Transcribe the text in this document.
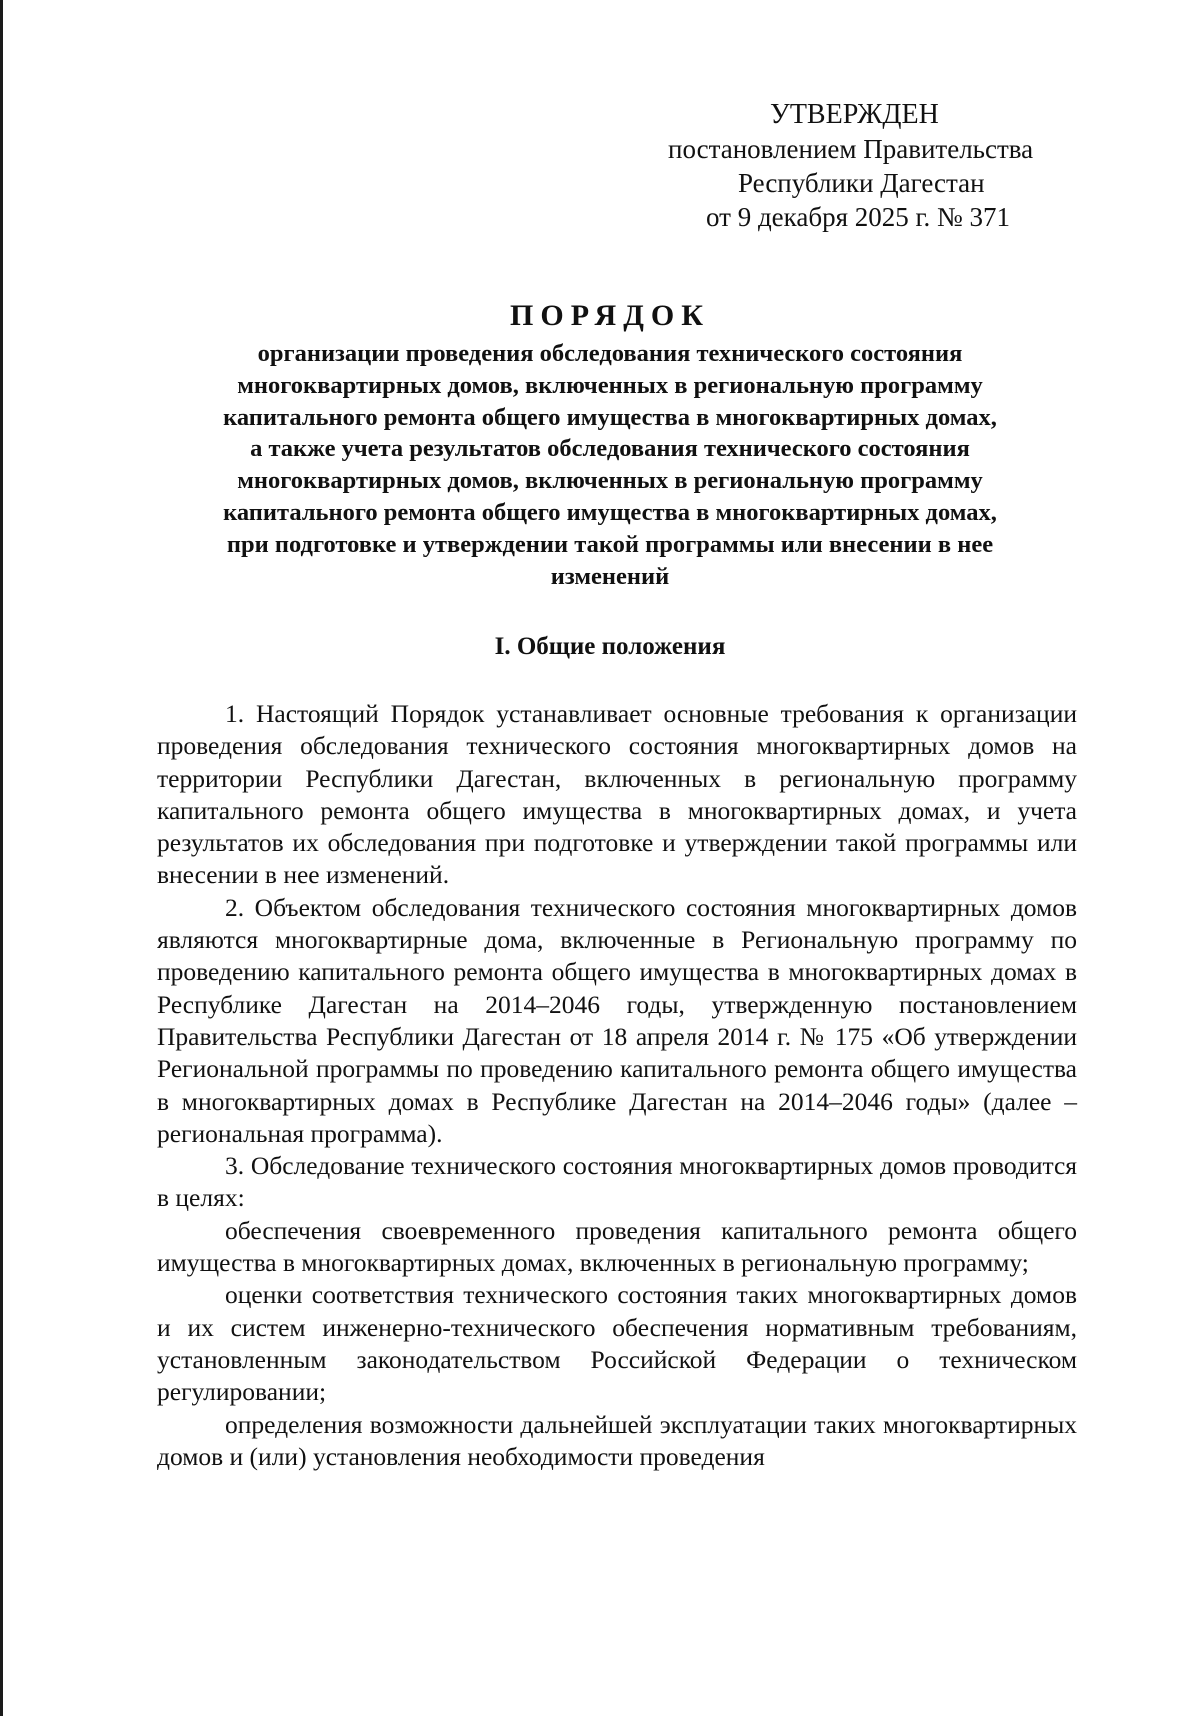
УТВЕРЖДЕН
постановлением Правительства
Республики Дагестан
от 9 декабря 2025 г. № 371
ПОРЯДОК

организации проведения обследования технического состояния
многоквартирных домов, включенных в региональную программу
капитального ремонта общего имущества в многоквартирных домах,
а также учета результатов обследования технического состояния
многоквартирных домов, включенных в региональную программу
капитального ремонта общего имущества в многоквартирных домах,
при подготовке и утверждении такой программы или внесении в нее
изменений

I. Общие положения

1. Настоящий Порядок устанавливает основные требования к организации проведения обследования технического состояния многоквартирных домов на территории Республики Дагестан, включенных в региональную программу капитального ремонта общего имущества в многоквартирных домах, и учета результатов их обследования при подготовке и утверждении такой программы или внесении в нее изменений.

2. Объектом обследования технического состояния многоквартирных домов являются многоквартирные дома, включенные в Региональную программу по проведению капитального ремонта общего имущества в многоквартирных домах в Республике Дагестан на 2014–2046 годы, утвержденную постановлением Правительства Республики Дагестан от 18 апреля 2014 г. № 175 «Об утверждении Региональной программы по проведению капитального ремонта общего имущества в многоквартирных домах в Республике Дагестан на 2014–2046 годы» (далее – региональная программа).

3. Обследование технического состояния многоквартирных домов проводится в целях:

обеспечения своевременного проведения капитального ремонта общего имущества в многоквартирных домах, включенных в региональную программу;

оценки соответствия технического состояния таких многоквартирных домов и их систем инженерно-технического обеспечения нормативным требованиям, установленным законодательством Российской Федерации о техническом регулировании;

определения возможности дальнейшей эксплуатации таких многоквартирных домов и (или) установления необходимости проведения
